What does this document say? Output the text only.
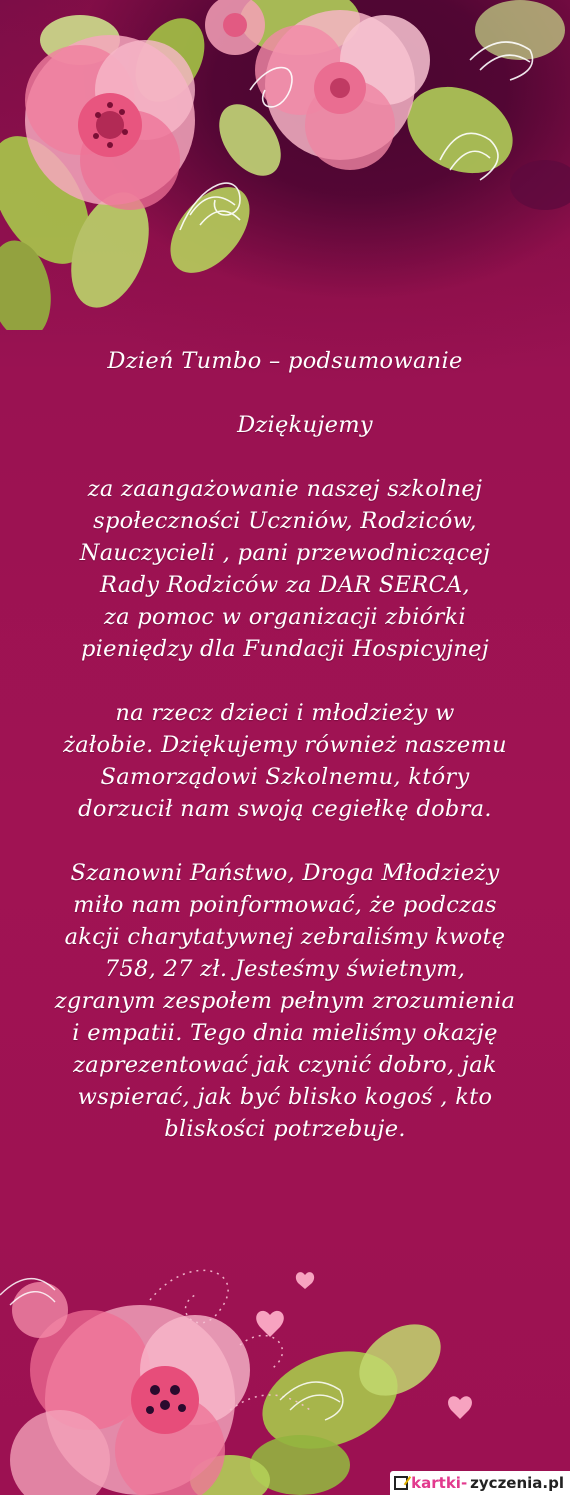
Dzień Tumbo – podsumowanie

Dziękujemy

za zaangażowanie naszej szkolnej

społeczności Uczniów, Rodziców,

Nauczycieli , pani przewodniczącej

Rady Rodziców za DAR SERCA,

za pomoc w organizacji zbiórki

pieniędzy dla Fundacji Hospicyjnej

na rzecz dzieci i młodzieży w

żałobie. Dziękujemy również naszemu

Samorządowi Szkolnemu, który

dorzucił nam swoją cegiełkę dobra.

Szanowni Państwo, Droga Młodzieży

miło nam poinformować, że podczas

akcji charytatywnej zebraliśmy kwotę

758, 27 zł. Jesteśmy świetnym,

zgranym zespołem pełnym zrozumienia

i empatii. Tego dnia mieliśmy okazję

zaprezentować jak czynić dobro, jak

wspierać, jak być blisko kogoś , kto

bliskości potrzebuje.

kartki- zyczenia.pl
